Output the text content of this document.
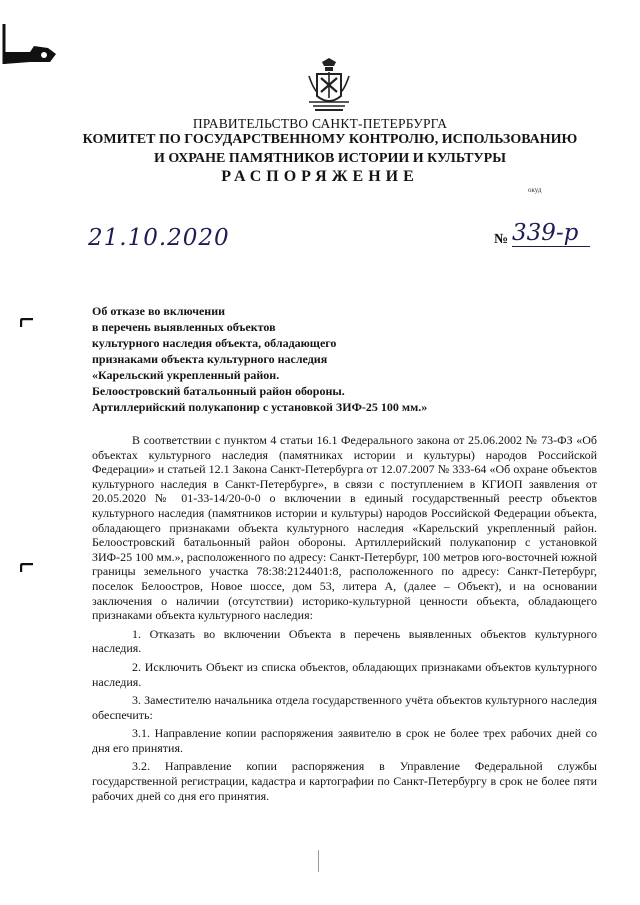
ПРАВИТЕЛЬСТВО САНКТ-ПЕТЕРБУРГА
КОМИТЕТ ПО ГОСУДАРСТВЕННОМУ КОНТРОЛЮ, ИСПОЛЬЗОВАНИЮ
И ОХРАНЕ ПАМЯТНИКОВ ИСТОРИИ И КУЛЬТУРЫ
РАСПОРЯЖЕНИЕ
окуд
21.10.2020	№ 339-р
Об отказе во включении
в перечень выявленных объектов
культурного наследия объекта, обладающего
признаками объекта культурного наследия
«Карельский укрепленный район.
Белоостровский батальонный район обороны.
Артиллерийский полукапонир с установкой ЗИФ-25 100 мм.»

В соответствии с пунктом 4 статьи 16.1 Федерального закона от 25.06.2002 № 73-ФЗ «Об объектах культурного наследия (памятниках истории и культуры) народов Российской Федерации» и статьей 12.1 Закона Санкт-Петербурга от 12.07.2007 № 333-64 «Об охране объектов культурного наследия в Санкт-Петербурге», в связи с поступлением в КГИОП заявления от 20.05.2020 № 01-33-14/20-0-0 о включении в единый государственный реестр объектов культурного наследия (памятников истории и культуры) народов Российской Федерации объекта, обладающего признаками объекта культурного наследия «Карельский укрепленный район. Белоостровский батальонный район обороны. Артиллерийский полукапонир с установкой ЗИФ-25 100 мм.», расположенного по адресу: Санкт-Петербург, 100 метров юго-восточней южной границы земельного участка 78:38:2124401:8, расположенного по адресу: Санкт-Петербург, поселок Белоостров, Новое шоссе, дом 53, литера А, (далее – Объект), и на основании заключения о наличии (отсутствии) историко-культурной ценности объекта, обладающего признаками объекта культурного наследия:

1. Отказать во включении Объекта в перечень выявленных объектов культурного наследия.

2. Исключить Объект из списка объектов, обладающих признаками объектов культурного наследия.

3. Заместителю начальника отдела государственного учёта объектов культурного наследия обеспечить:

3.1. Направление копии распоряжения заявителю в срок не более трех рабочих дней со дня его принятия.

3.2. Направление копии распоряжения в Управление Федеральной службы государственной регистрации, кадастра и картографии по Санкт-Петербургу в срок не более пяти рабочих дней со дня его принятия.
